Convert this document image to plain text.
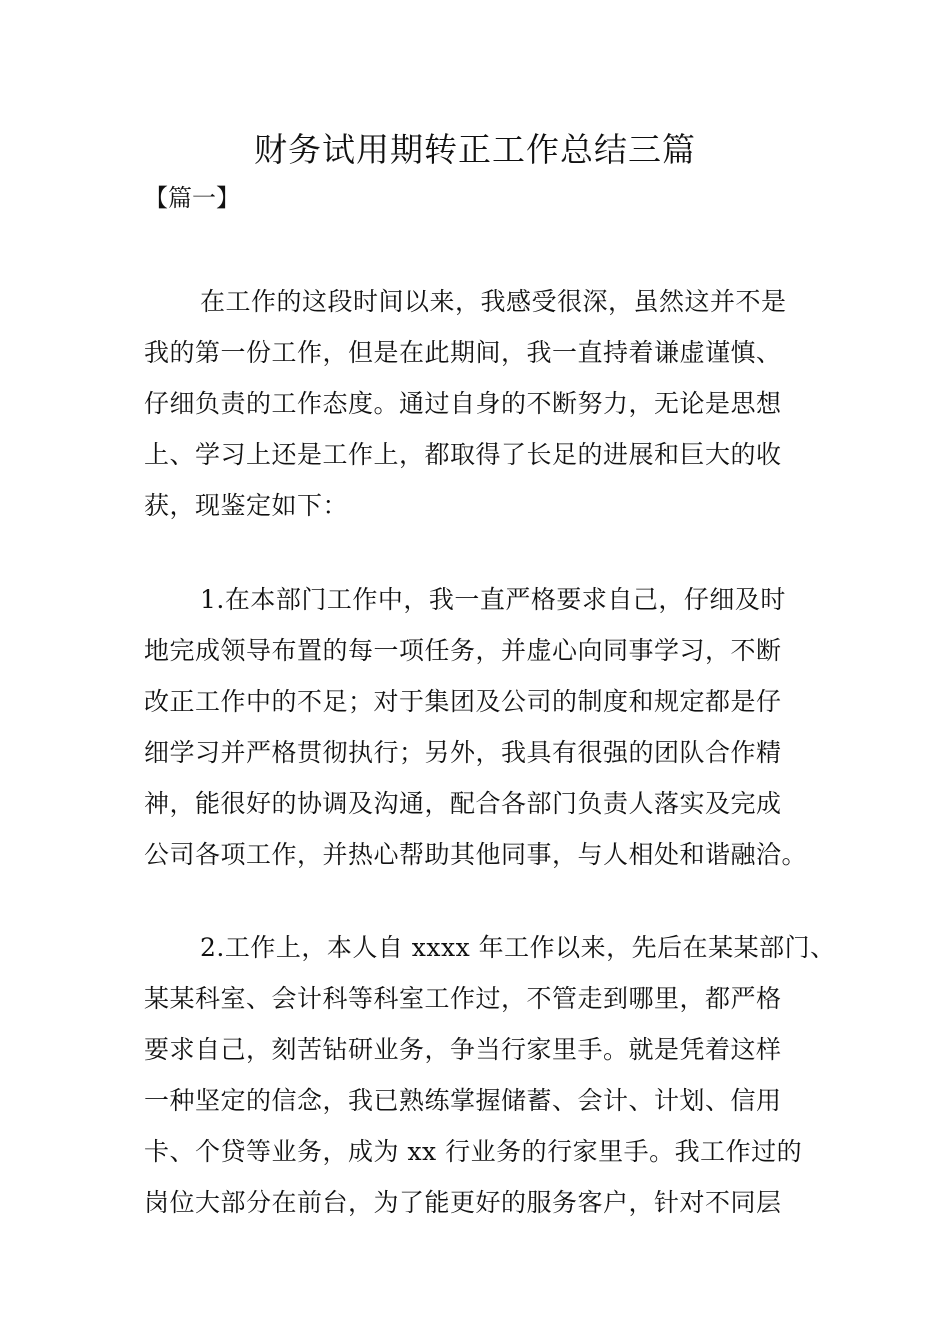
财务试用期转正工作总结三篇
【篇一】
在工作的这段时间以来，我感受很深，虽然这并不是
我的第一份工作，但是在此期间，我一直持着谦虚谨慎、
仔细负责的工作态度。通过自身的不断努力，无论是思想
上、学习上还是工作上，都取得了长足的进展和巨大的收
获，现鉴定如下：
1.在本部门工作中，我一直严格要求自己，仔细及时
地完成领导布置的每一项任务，并虚心向同事学习，不断
改正工作中的不足；对于集团及公司的制度和规定都是仔
细学习并严格贯彻执行；另外，我具有很强的团队合作精
神，能很好的协调及沟通，配合各部门负责人落实及完成
公司各项工作，并热心帮助其他同事，与人相处和谐融洽。
2.工作上，本人自 xxxx 年工作以来，先后在某某部门、
某某科室、会计科等科室工作过，不管走到哪里，都严格
要求自己，刻苦钻研业务，争当行家里手。就是凭着这样
一种坚定的信念，我已熟练掌握储蓄、会计、计划、信用
卡、个贷等业务，成为 xx 行业务的行家里手。我工作过的
岗位大部分在前台，为了能更好的服务客户，针对不同层
